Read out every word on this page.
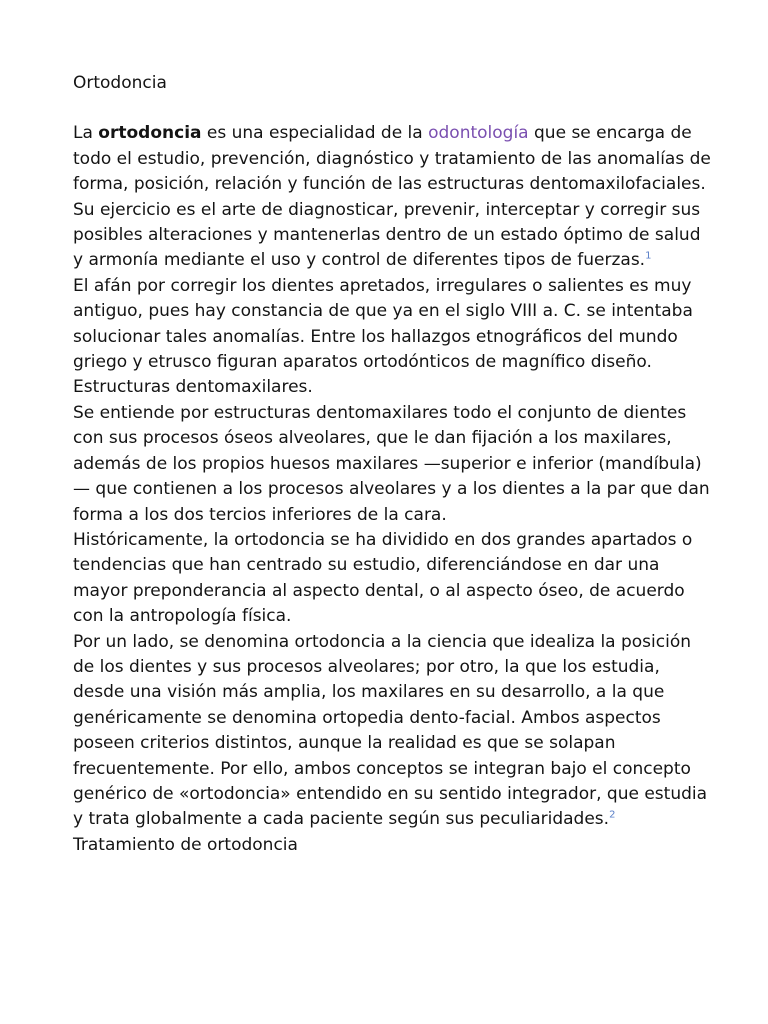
Ortodoncia

La ortodoncia es una especialidad de la odontología que se encarga de todo el estudio, prevención, diagnóstico y tratamiento de las anomalías de forma, posición, relación y función de las estructuras dentomaxilofaciales. Su ejercicio es el arte de diagnosticar, prevenir, interceptar y corregir sus posibles alteraciones y mantenerlas dentro de un estado óptimo de salud y armonía mediante el uso y control de diferentes tipos de fuerzas.$^1$

El afán por corregir los dientes apretados, irregulares o salientes es muy antiguo, pues hay constancia de que ya en el siglo VIII a. C. se intentaba solucionar tales anomalías. Entre los hallazgos etnográficos del mundo griego y etrusco figuran aparatos ortodónticos de magnífico diseño.

Estructuras dentomaxilares.

Se entiende por estructuras dentomaxilares todo el conjunto de dientes con sus procesos óseos alveolares, que le dan fijación a los maxilares, además de los propios huesos maxilares —superior e inferior (mandíbula)— que contienen a los procesos alveolares y a los dientes a la par que dan forma a los dos tercios inferiores de la cara.

Históricamente, la ortodoncia se ha dividido en dos grandes apartados o tendencias que han centrado su estudio, diferenciándose en dar una mayor preponderancia al aspecto dental, o al aspecto óseo, de acuerdo con la antropología física.

Por un lado, se denomina ortodoncia a la ciencia que idealiza la posición de los dientes y sus procesos alveolares; por otro, la que los estudia, desde una visión más amplia, los maxilares en su desarrollo, a la que genéricamente se denomina ortopedia dento-facial. Ambos aspectos poseen criterios distintos, aunque la realidad es que se solapan frecuentemente. Por ello, ambos conceptos se integran bajo el concepto genérico de «ortodoncia» entendido en su sentido integrador, que estudia y trata globalmente a cada paciente según sus peculiaridades.$^2$

Tratamiento de ortodoncia
